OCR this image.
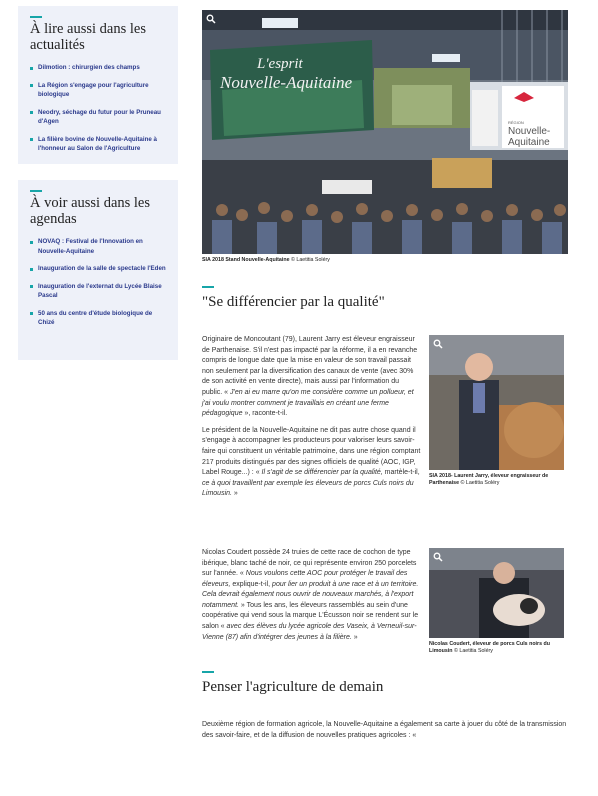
À lire aussi dans les actualités
Dilmotion : chirurgien des champs
La Région s'engage pour l'agriculture biologique
Neodry, séchage du futur pour le Pruneau d'Agen
La filière bovine de Nouvelle-Aquitaine à l'honneur au Salon de l'Agriculture
À voir aussi dans les agendas
NOVAQ : Festival de l'Innovation en Nouvelle-Aquitaine
Inauguration de la salle de spectacle l'Eden
Inauguration de l'externat du Lycée Blaise Pascal
50 ans du centre d'étude biologique de Chizé
L'esprit
Nouvelle-Aquitaine
RÉGION
Nouvelle-
Aquitaine
SIA 2018 Stand Nouvelle-Aquitaine © Laetitia Soléry
"Se différencier par la qualité"
SIA 2018- Laurent Jarry, éleveur engraisseur de Parthenaise © Laetitia Soléry

Originaire de Moncoutant (79), Laurent Jarry est éleveur engraisseur de Parthenaise. S'il n'est pas impacté par la réforme, il a en revanche compris de longue date que la mise en valeur de son travail passait non seulement par la diversification des canaux de vente (avec 30% de son activité en vente directe), mais aussi par l'information du public. « J'en ai eu marre qu'on me considère comme un pollueur, et j'ai voulu montrer comment je travaillais en créant une ferme pédagogique », raconte-t-il.

Le président de la Nouvelle-Aquitaine ne dit pas autre chose quand il s'engage à accompagner les producteurs pour valoriser leurs savoir-faire qui constituent un véritable patrimoine, dans une région comptant 217 produits distingués par des signes officiels de qualité (AOC, IGP, Label Rouge...) : « Il s'agit de se différencier par la qualité, martèle-t-il, ce à quoi travaillent par exemple les éleveurs de porcs Culs noirs du Limousin. »

Nicolas Coudert, éleveur de porcs Culs noirs du Limousin © Laetitia Soléry

Nicolas Coudert possède 24 truies de cette race de cochon de type ibérique, blanc taché de noir, ce qui représente environ 250 porcelets sur l'année. « Nous voulons cette AOC pour protéger le travail des éleveurs, explique-t-il, pour lier un produit à une race et à un territoire. Cela devrait également nous ouvrir de nouveaux marchés, à l'export notamment. » Tous les ans, les éleveurs rassemblés au sein d'une coopérative qui vend sous la marque L'Écusson noir se rendent sur le salon « avec des élèves du lycée agricole des Vaseix, à Verneuil-sur-Vienne (87) afin d'intégrer des jeunes à la filière. »

Penser l'agriculture de demain

Deuxième région de formation agricole, la Nouvelle-Aquitaine a également sa carte à jouer du côté de la transmission des savoir-faire, et de la diffusion de nouvelles pratiques agricoles : «
